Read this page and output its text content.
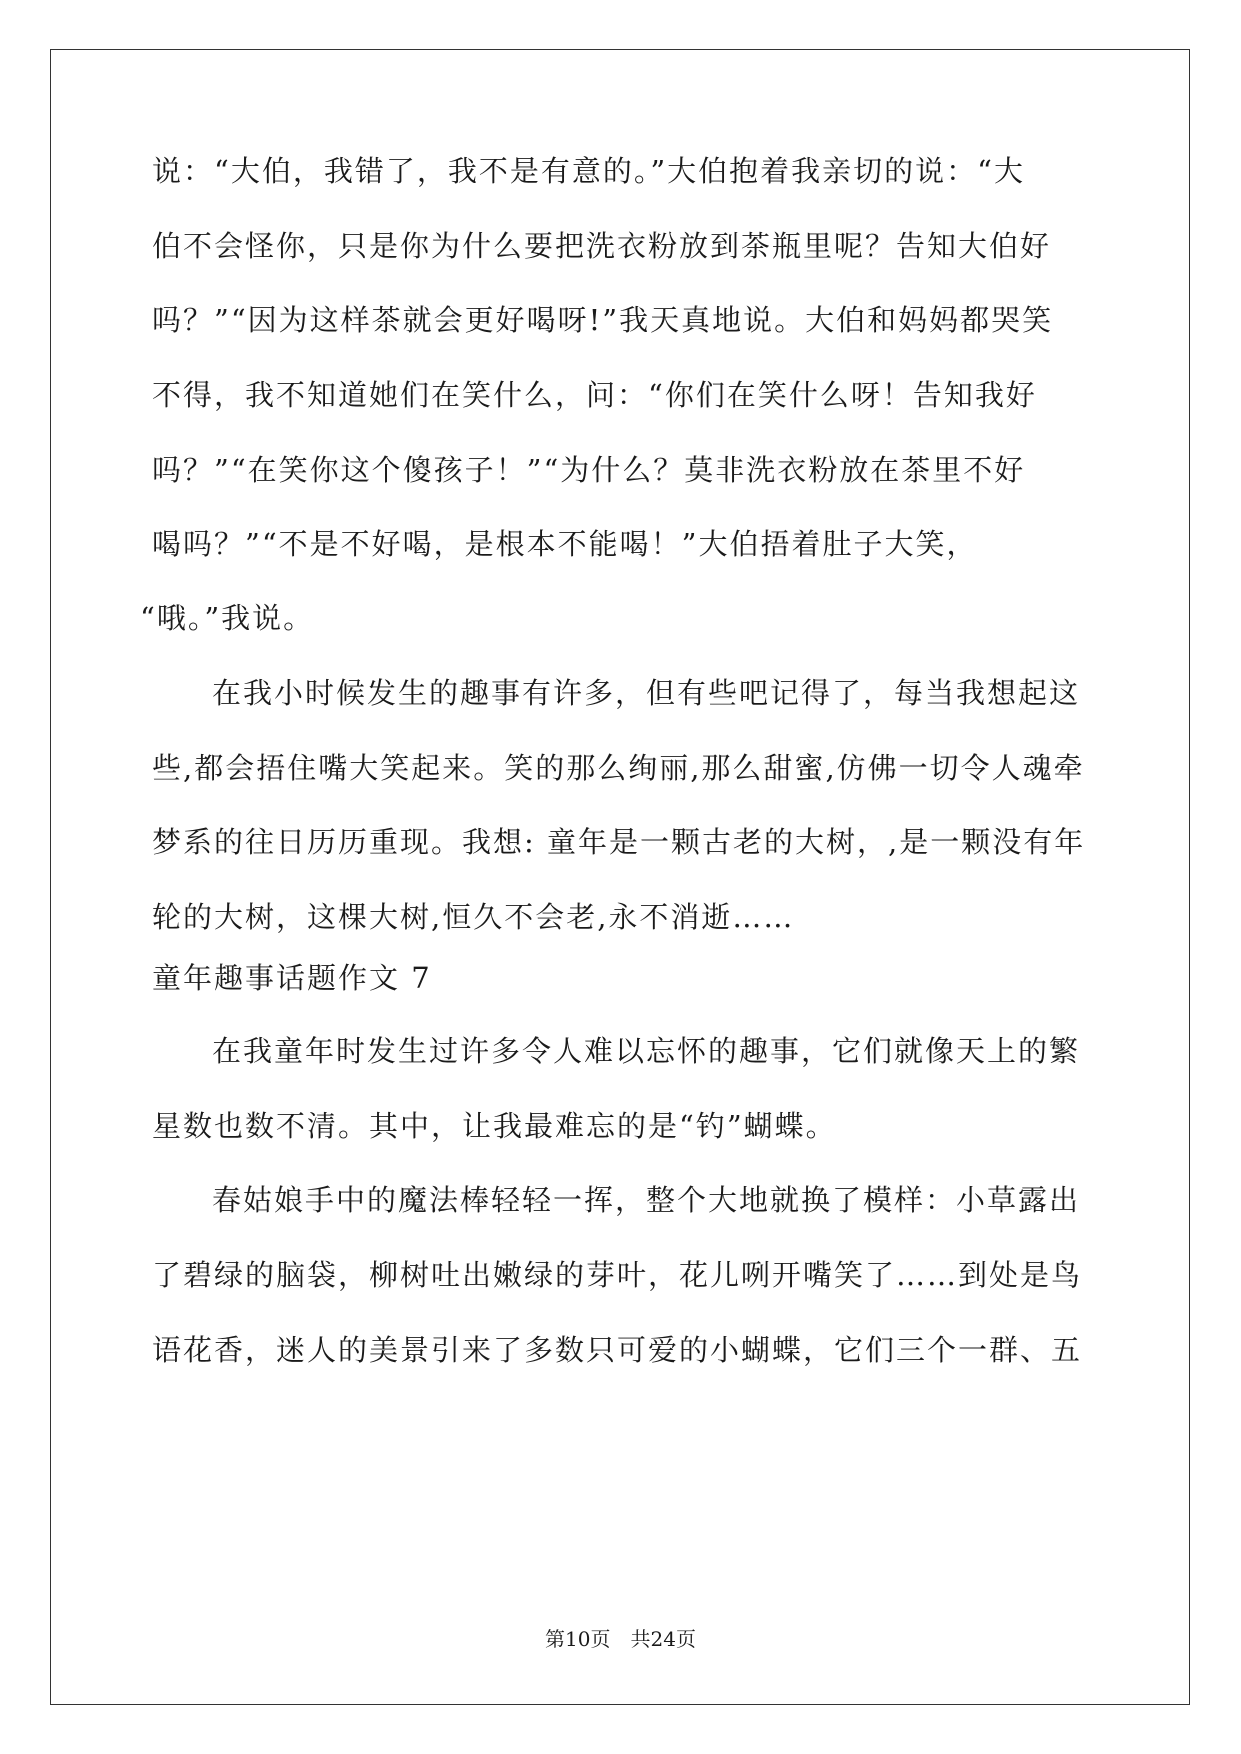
说：“大伯，我错了，我不是有意的。”大伯抱着我亲切的说：“大
伯不会怪你，只是你为什么要把洗衣粉放到茶瓶里呢？告知大伯好
吗？”“因为这样茶就会更好喝呀!”我天真地说。大伯和妈妈都哭笑
不得，我不知道她们在笑什么，问：“你们在笑什么呀！告知我好
吗？”“在笑你这个傻孩子！”“为什么？莫非洗衣粉放在茶里不好
喝吗？”“不是不好喝，是根本不能喝！”大伯捂着肚子大笑，
“哦。”我说。
在我小时候发生的趣事有许多，但有些吧记得了，每当我想起这
些,都会捂住嘴大笑起来。笑的那么绚丽,那么甜蜜,仿佛一切令人魂牵
梦系的往日历历重现。我想: 童年是一颗古老的大树，,是一颗没有年
轮的大树，这棵大树,恒久不会老,永不消逝……
童年趣事话题作文 7
在我童年时发生过许多令人难以忘怀的趣事，它们就像天上的繁
星数也数不清。其中，让我最难忘的是“钓”蝴蝶。
春姑娘手中的魔法棒轻轻一挥，整个大地就换了模样：小草露出
了碧绿的脑袋，柳树吐出嫩绿的芽叶，花儿咧开嘴笑了……到处是鸟
语花香，迷人的美景引来了多数只可爱的小蝴蝶，它们三个一群、五
第10页　共24页
